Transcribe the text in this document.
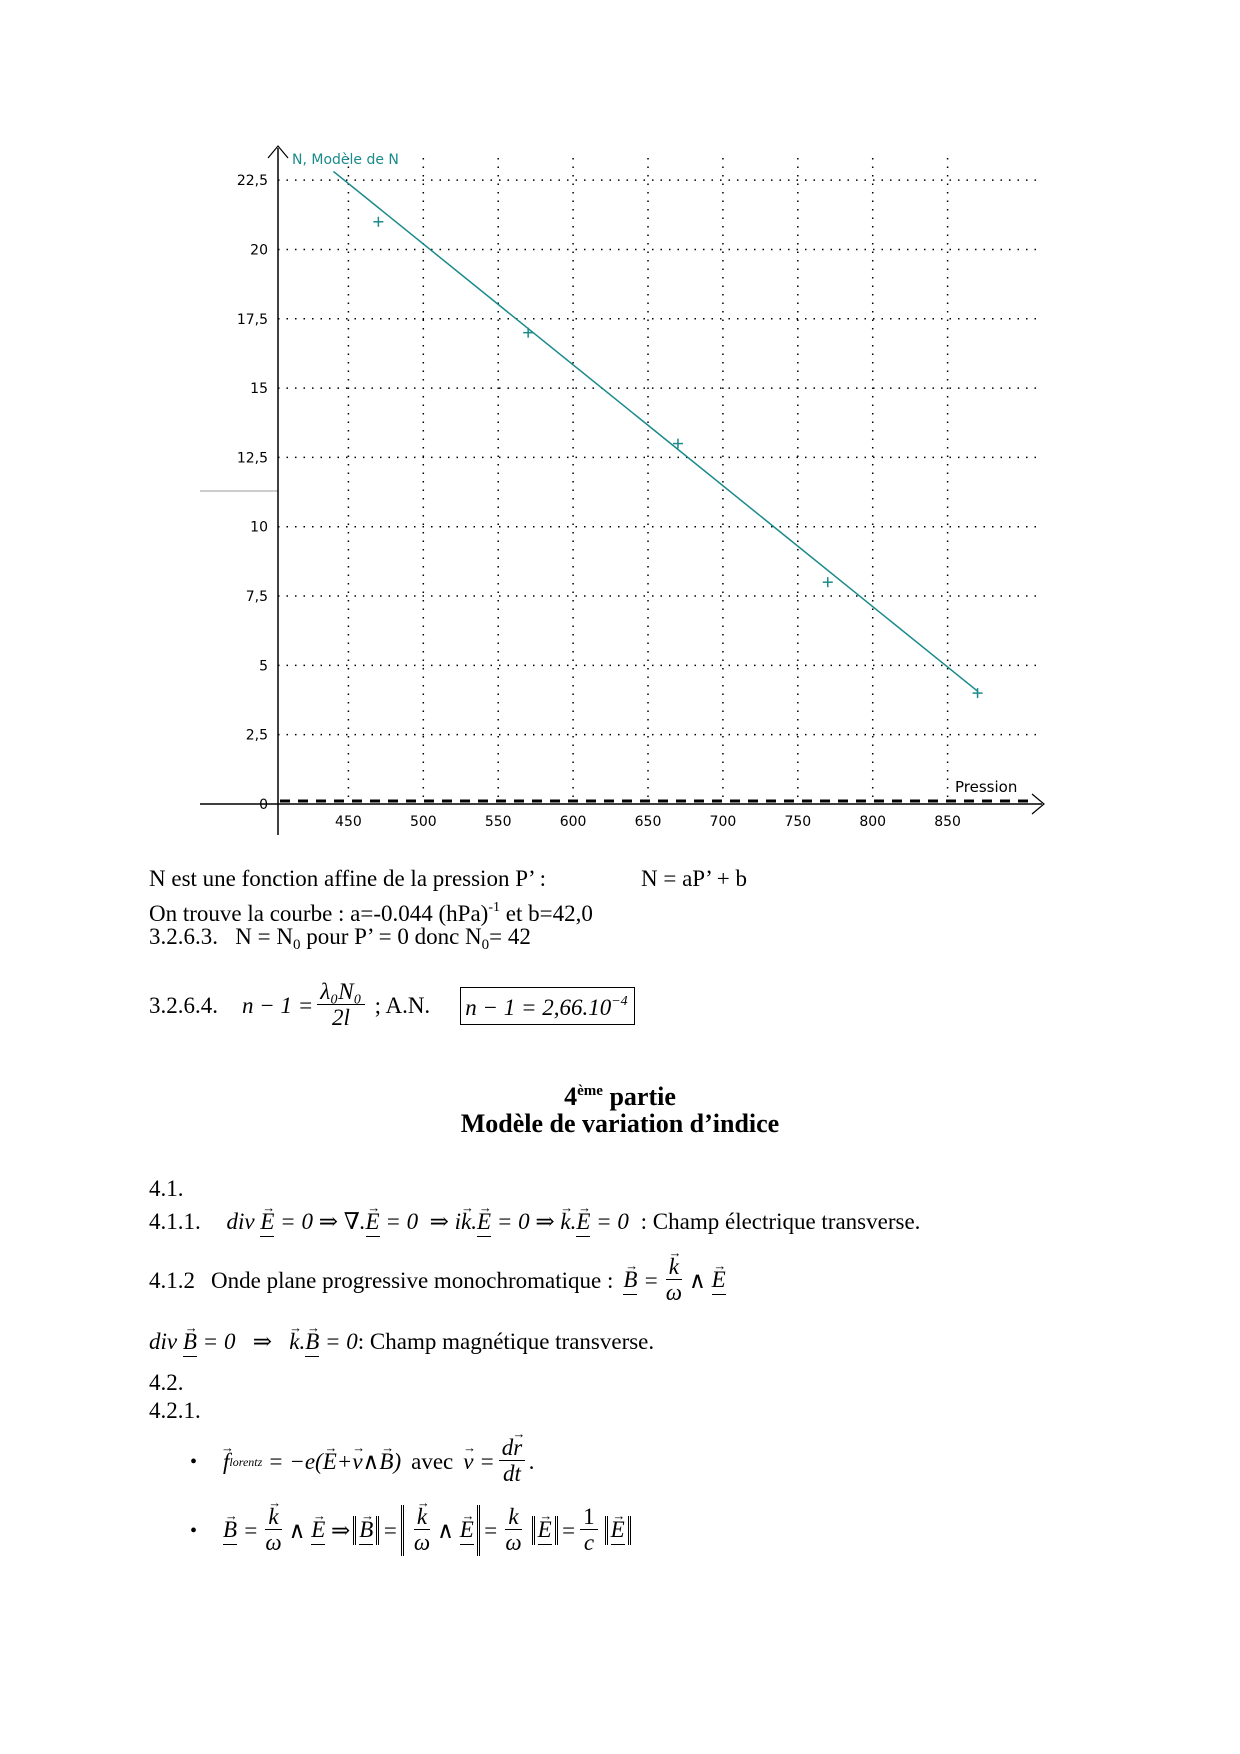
N, Modèle de N
Pression
450	500	550	600	650	700	750	800	850
0
2,5
5
7,5
10
12,5
15
17,5
20
22,5
N est une fonction affine de la pression P’ :	N = aP’ + b
On trouve la courbe : a=-0.044 (hPa)$^{-1}$ et b=42,0
3.2.6.3. $N = N_0$ pour P’ = 0 donc $N_0= 42$
3.2.6.4. $n - 1 = \frac{\text{λ₀N₀}}{2l}$ ; A.N. $n - 1 = 2,66.10^{-4}$
4ème partie
Modèle de variation d’indice
4.1.
4.1.1. div → E = 0 ⇒ ∇.→ E = 0  ⇒ i→ k.→ E = 0 ⇒ → k.→ E = 0 : Champ électrique transverse.
4.1.2 Onde plane progressive monochromatique :
→ B =
→ $\frac{k}{\omega}$ ∧
→ E
div → B = 0   ⇒   → k.→ B = 0: Champ magnétique transverse.
4.2.
4.2.1.
•
→ f lorentz = −e(
→ E +
→ v ∧
→ B ) avec
→ $v = \frac{d\to r}{dt}$ .
•
→ B =
→ $\frac{k}{\omega}$ ∧
→ E ⇒
→ B =
→ $\frac{k}{\omega}$ ∧
→ $E = \frac{k}{\omega}$
→ $E = \frac{1}{c}$
→ E
